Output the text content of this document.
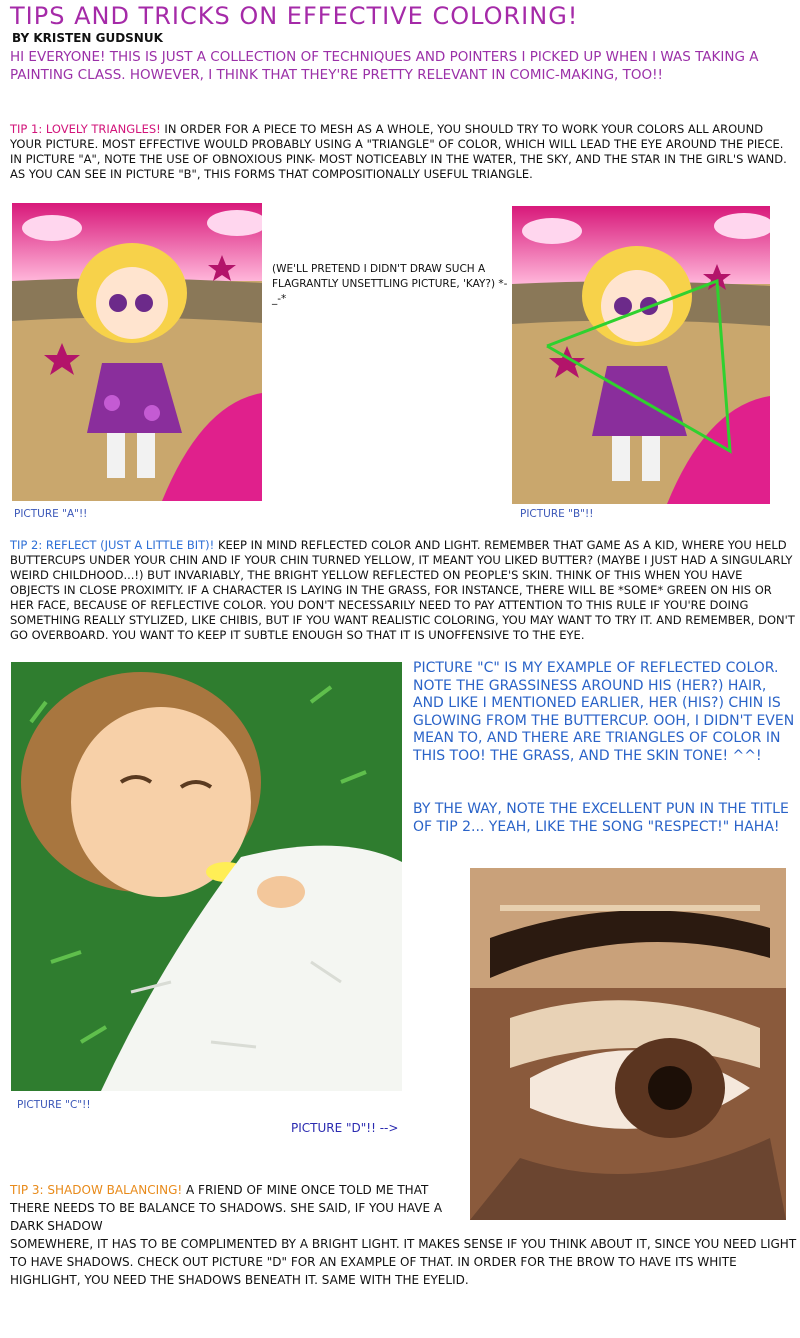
TIPS AND TRICKS ON EFFECTIVE COLORING!
BY KRISTEN GUDSNUK
HI EVERYONE! THIS IS JUST A COLLECTION OF TECHNIQUES AND POINTERS I PICKED UP WHEN I WAS TAKING A PAINTING CLASS. HOWEVER, I THINK THAT THEY'RE PRETTY RELEVANT IN COMIC-MAKING, TOO!!
TIP 1: LOVELY TRIANGLES! IN ORDER FOR A PIECE TO MESH AS A WHOLE, YOU SHOULD TRY TO WORK YOUR COLORS ALL AROUND YOUR PICTURE. MOST EFFECTIVE WOULD PROBABLY USING A "TRIANGLE" OF COLOR, WHICH WILL LEAD THE EYE AROUND THE PIECE. IN PICTURE "A", NOTE THE USE OF OBNOXIOUS PINK- MOST NOTICEABLY IN THE WATER, THE SKY, AND THE STAR IN THE GIRL'S WAND. AS YOU CAN SEE IN PICTURE "B", THIS FORMS THAT COMPOSITIONALLY USEFUL TRIANGLE.
PICTURE "A"!!
(WE'LL PRETEND I DIDN'T DRAW SUCH A FLAGRANTLY UNSETTLING PICTURE, 'KAY?) *-_-*
PICTURE "B"!!
TIP 2: REFLECT (JUST A LITTLE BIT)! KEEP IN MIND REFLECTED COLOR AND LIGHT. REMEMBER THAT GAME AS A KID, WHERE YOU HELD BUTTERCUPS UNDER YOUR CHIN AND IF YOUR CHIN TURNED YELLOW, IT MEANT YOU LIKED BUTTER? (MAYBE I JUST HAD A SINGULARLY WEIRD CHILDHOOD...!) BUT INVARIABLY, THE BRIGHT YELLOW REFLECTED ON PEOPLE'S SKIN. THINK OF THIS WHEN YOU HAVE OBJECTS IN CLOSE PROXIMITY. IF A CHARACTER IS LAYING IN THE GRASS, FOR INSTANCE, THERE WILL BE *SOME* GREEN ON HIS OR HER FACE, BECAUSE OF REFLECTIVE COLOR. YOU DON'T NECESSARILY NEED TO PAY ATTENTION TO THIS RULE IF YOU'RE DOING SOMETHING REALLY STYLIZED, LIKE CHIBIS, BUT IF YOU WANT REALISTIC COLORING, YOU MAY WANT TO TRY IT. AND REMEMBER, DON'T GO OVERBOARD. YOU WANT TO KEEP IT SUBTLE ENOUGH SO THAT IT IS UNOFFENSIVE TO THE EYE.
PICTURE "C"!!
PICTURE "C" IS MY EXAMPLE OF REFLECTED COLOR. NOTE THE GRASSINESS AROUND HIS (HER?) HAIR, AND LIKE I MENTIONED EARLIER, HER (HIS?) CHIN IS GLOWING FROM THE BUTTERCUP. OOH, I DIDN'T EVEN MEAN TO, AND THERE ARE TRIANGLES OF COLOR IN THIS TOO! THE GRASS, AND THE SKIN TONE! ^^!
BY THE WAY, NOTE THE EXCELLENT PUN IN THE TITLE OF TIP 2... YEAH, LIKE THE SONG "RESPECT!" HAHA!
PICTURE "D"!! -->
TIP 3: SHADOW BALANCING! A FRIEND OF MINE ONCE TOLD ME THAT THERE NEEDS TO BE BALANCE TO SHADOWS. SHE SAID, IF YOU HAVE A DARK SHADOW
SOMEWHERE, IT HAS TO BE COMPLIMENTED BY A BRIGHT LIGHT. IT MAKES SENSE IF YOU THINK ABOUT IT, SINCE YOU NEED LIGHT TO HAVE SHADOWS. CHECK OUT PICTURE "D" FOR AN EXAMPLE OF THAT. IN ORDER FOR THE BROW TO HAVE ITS WHITE HIGHLIGHT, YOU NEED THE SHADOWS BENEATH IT. SAME WITH THE EYELID.
